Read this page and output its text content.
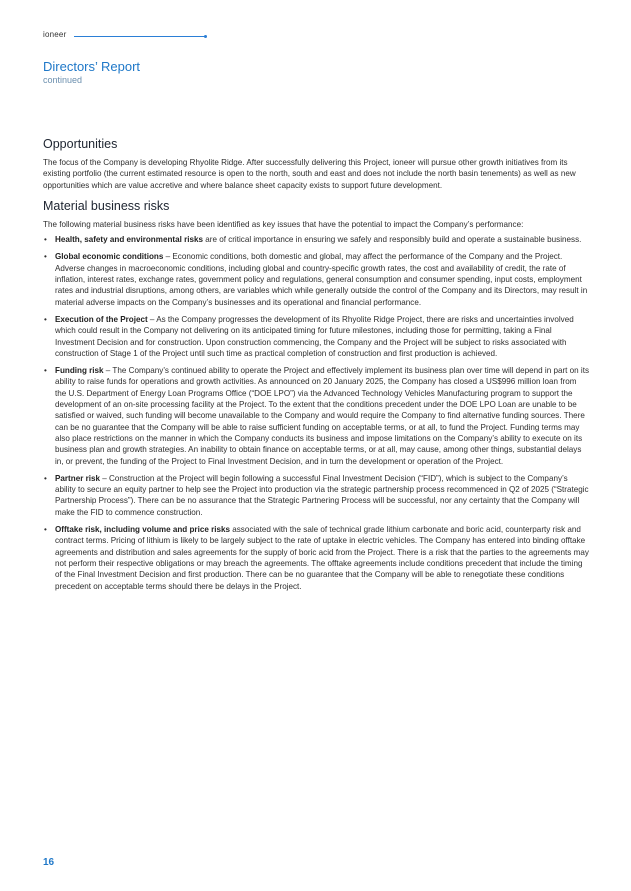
ioneer
Directors’ Report
continued
Opportunities

The focus of the Company is developing Rhyolite Ridge. After successfully delivering this Project, ioneer will pursue other growth initiatives from its existing portfolio (the current estimated resource is open to the north, south and east and does not include the north basin tenements) as well as new opportunities which are value accretive and where balance sheet capacity exists to support future development.

Material business risks

The following material business risks have been identified as key issues that have the potential to impact the Company’s performance:

• Health, safety and environmental risks are of critical importance in ensuring we safely and responsibly build and operate a sustainable business.
• Global economic conditions – Economic conditions, both domestic and global, may affect the performance of the Company and the Project. Adverse changes in macroeconomic conditions, including global and country-specific growth rates, the cost and availability of credit, the rate of inflation, interest rates, exchange rates, government policy and regulations, general consumption and consumer spending, input costs, employment rates and industrial disruptions, among others, are variables which while generally outside the control of the Company and its Directors, may result in material adverse impacts on the Company’s businesses and its operational and financial performance.
• Execution of the Project – As the Company progresses the development of its Rhyolite Ridge Project, there are risks and uncertainties involved which could result in the Company not delivering on its anticipated timing for future milestones, including those for permitting, taking a Final Investment Decision and for construction. Upon construction commencing, the Company and the Project will be subject to risks associated with construction of Stage 1 of the Project until such time as practical completion of construction and first production is achieved.
• Funding risk – The Company’s continued ability to operate the Project and effectively implement its business plan over time will depend in part on its ability to raise funds for operations and growth activities. As announced on 20 January 2025, the Company has closed a US$996 million loan from the U.S. Department of Energy Loan Programs Office (“DOE LPO”) via the Advanced Technology Vehicles Manufacturing program to support the development of an on-site processing facility at the Project. To the extent that the conditions precedent under the DOE LPO Loan are unable to be satisfied or waived, such funding will become unavailable to the Company and would require the Company to find alternative funding sources. There can be no guarantee that the Company will be able to raise sufficient funding on acceptable terms, or at all, to fund the Project. Funding terms may also place restrictions on the manner in which the Company conducts its business and impose limitations on the Company’s ability to execute on its business plan and growth strategies. An inability to obtain finance on acceptable terms, or at all, may cause, among other things, substantial delays in, or prevent, the funding of the Project to Final Investment Decision, and in turn the development or operation of the Project.
• Partner risk – Construction at the Project will begin following a successful Final Investment Decision (“FID”), which is subject to the Company’s ability to secure an equity partner to help see the Project into production via the strategic partnership process recommenced in Q2 of 2025 (“Strategic Partnership Process”). There can be no assurance that the Strategic Partnering Process will be successful, nor any certainty that the Company will make the FID to commence construction.
• Offtake risk, including volume and price risks associated with the sale of technical grade lithium carbonate and boric acid, counterparty risk and contract terms. Pricing of lithium is likely to be largely subject to the rate of uptake in electric vehicles. The Company has entered into binding offtake agreements and distribution and sales agreements for the supply of boric acid from the Project. There is a risk that the parties to the agreements may not perform their respective obligations or may breach the agreements. The offtake agreements include conditions precedent that include the timing of the Final Investment Decision and first production. There can be no guarantee that the Company will be able to renegotiate these conditions precedent on acceptable terms should there be delays in the Project.
16
